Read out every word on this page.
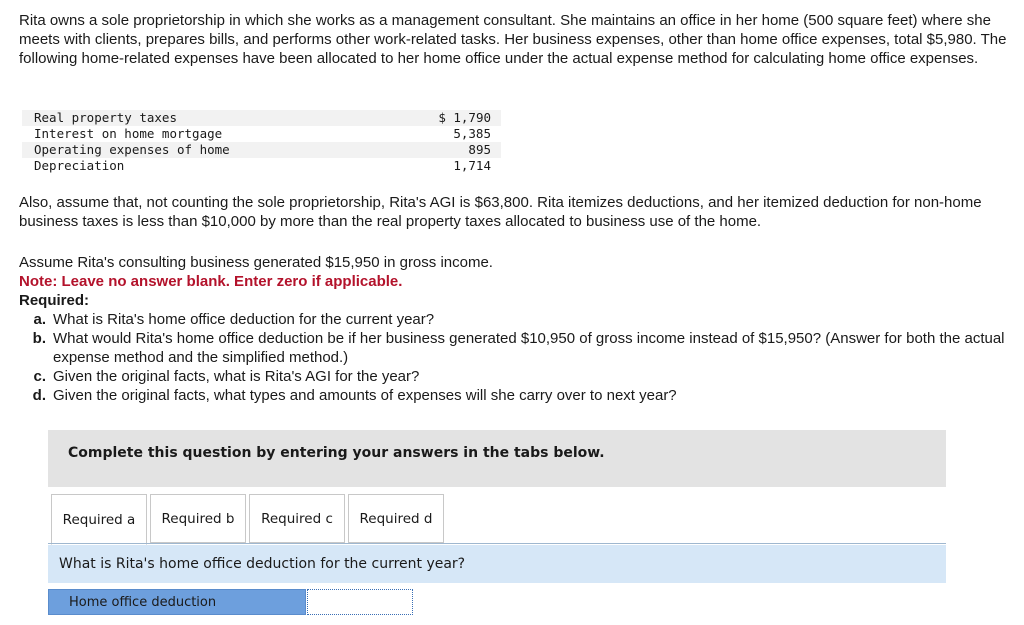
Rita owns a sole proprietorship in which she works as a management consultant. She maintains an office in her home (500 square feet) where she meets with clients, prepares bills, and performs other work-related tasks. Her business expenses, other than home office expenses, total $5,980. The following home-related expenses have been allocated to her home office under the actual expense method for calculating home office expenses.
Real property taxes	$ 1,790
Interest on home mortgage	5,385
Operating expenses of home	895
Depreciation	1,714
Also, assume that, not counting the sole proprietorship, Rita's AGI is $63,800. Rita itemizes deductions, and her itemized deduction for non-home business taxes is less than $10,000 by more than the real property taxes allocated to business use of the home.
Assume Rita's consulting business generated $15,950 in gross income.
Note: Leave no answer blank. Enter zero if applicable.
Required:
a. What is Rita's home office deduction for the current year?
b. What would Rita's home office deduction be if her business generated $10,950 of gross income instead of $15,950? (Answer for both the actual expense method and the simplified method.)
c. Given the original facts, what is Rita's AGI for the year?
d. Given the original facts, what types and amounts of expenses will she carry over to next year?
Complete this question by entering your answers in the tabs below.
Required a	Required b	Required c	Required d
What is Rita's home office deduction for the current year?
Home office deduction
